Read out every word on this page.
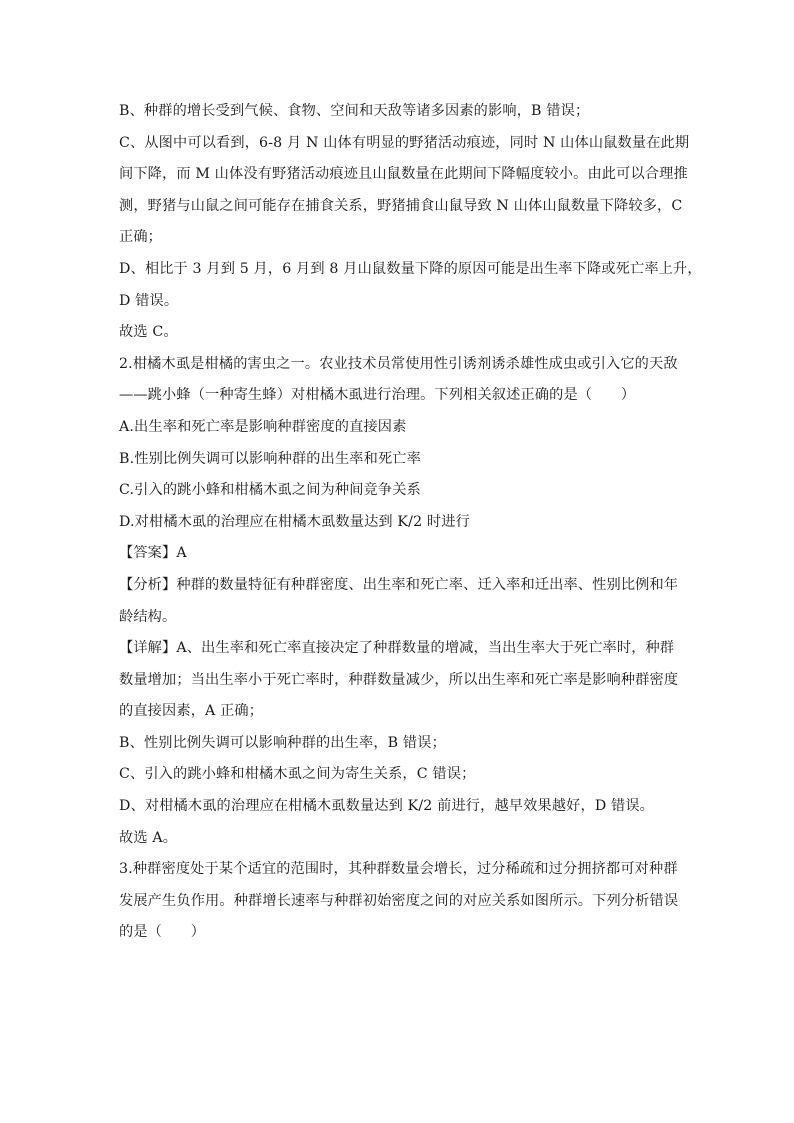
B、种群的增长受到气候、食物、空间和天敌等诸多因素的影响，B 错误；
C、从图中可以看到，6-8 月 N 山体有明显的野猪活动痕迹，同时 N 山体山鼠数量在此期
间下降，而 M 山体没有野猪活动痕迹且山鼠数量在此期间下降幅度较小。由此可以合理推
测，野猪与山鼠之间可能存在捕食关系，野猪捕食山鼠导致 N 山体山鼠数量下降较多，C
正确；
D、相比于 3 月到 5 月，6 月到 8 月山鼠数量下降的原因可能是出生率下降或死亡率上升，
D 错误。
故选 C。
2.柑橘木虱是柑橘的害虫之一。农业技术员常使用性引诱剂诱杀雄性成虫或引入它的天敌
——跳小蜂（一种寄生蜂）对柑橘木虱进行治理。下列相关叙述正确的是（　　）
A.出生率和死亡率是影响种群密度的直接因素
B.性别比例失调可以影响种群的出生率和死亡率
C.引入的跳小蜂和柑橘木虱之间为种间竞争关系
D.对柑橘木虱的治理应在柑橘木虱数量达到 K/2 时进行
【答案】A
【分析】种群的数量特征有种群密度、出生率和死亡率、迁入率和迁出率、性别比例和年
龄结构。
【详解】A、出生率和死亡率直接决定了种群数量的增减，当出生率大于死亡率时，种群
数量增加；当出生率小于死亡率时，种群数量减少，所以出生率和死亡率是影响种群密度
的直接因素，A 正确；
B、性别比例失调可以影响种群的出生率，B 错误；
C、引入的跳小蜂和柑橘木虱之间为寄生关系，C 错误；
D、对柑橘木虱的治理应在柑橘木虱数量达到 K/2 前进行，越早效果越好，D 错误。
故选 A。
3.种群密度处于某个适宜的范围时，其种群数量会增长，过分稀疏和过分拥挤都可对种群
发展产生负作用。种群增长速率与种群初始密度之间的对应关系如图所示。下列分析错误
的是（　　）
